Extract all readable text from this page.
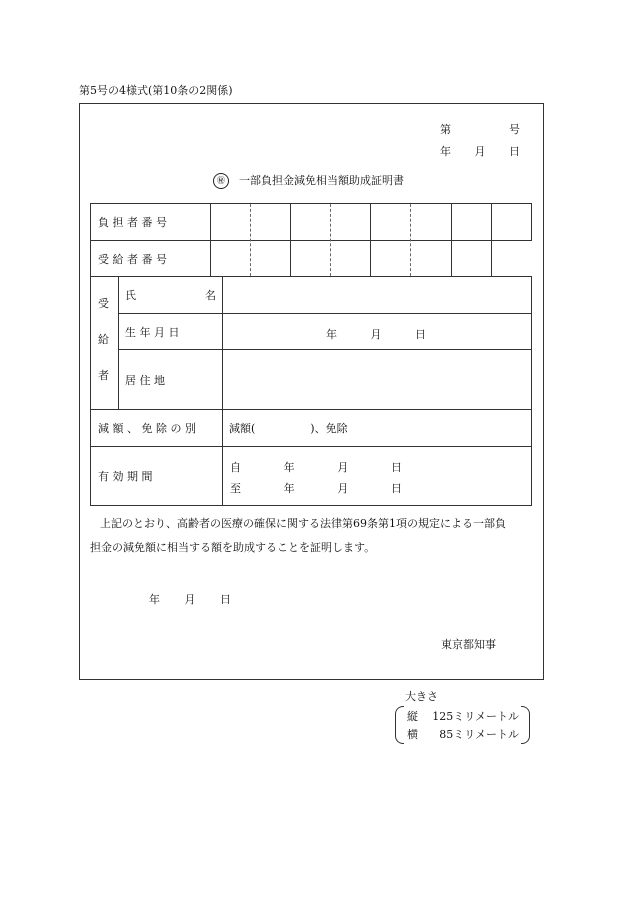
第5号の4様式(第10条の2関係)
第	号
年 月 日
㊙ 一部負担金減免相当額助成証明書
負 担 者 番 号
受 給 者 番 号
受
給
者
氏	名
生 年 月 日	年	月	日
居 住 地
減 額 、 免 除 の 別	減額(　　　　　)、免除
有 効 期 間
自	年	月	日
至	年	月	日
上記のとおり、高齢者の医療の確保に関する法律第69条第1項の規定による一部負
担金の減免額に相当する額を助成することを証明します。
年 月 日
東京都知事
大きさ
縦 125ミリメートル
横 85ミリメートル
